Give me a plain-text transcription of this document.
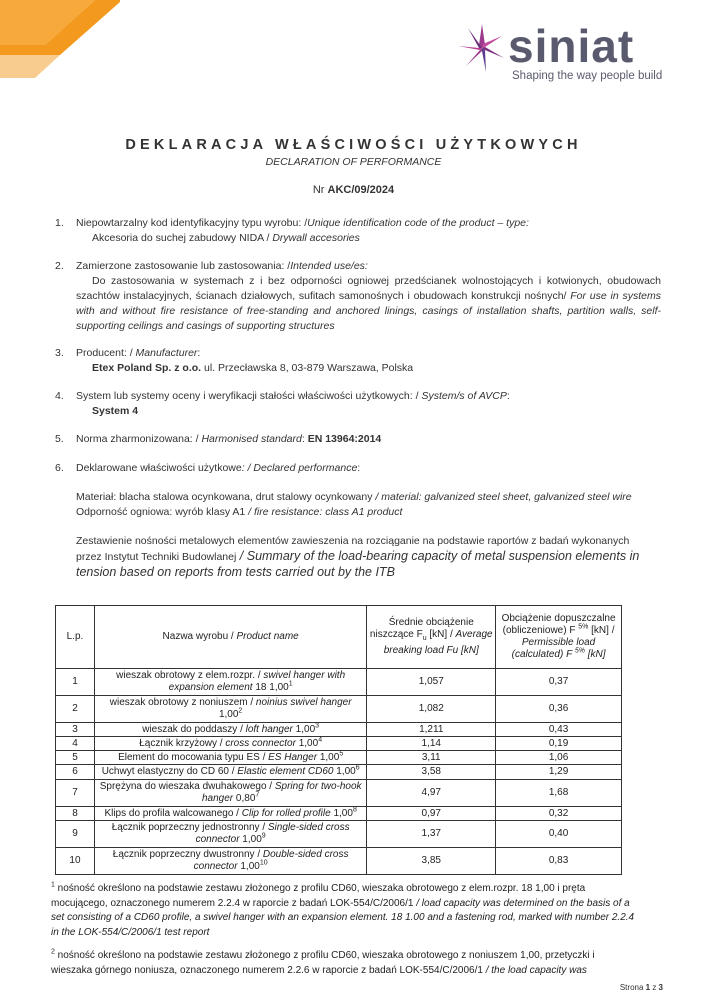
siniat
Shaping the way people build
DEKLARACJA WŁAŚCIWOŚCI UŻYTKOWYCH
DECLARATION OF PERFORMANCE
Nr AKC/09/2024
1.	Niepowtarzalny kod identyfikacyjny typu wyrobu: /Unique identification code of the product – type:
Akcesoria do suchej zabudowy NIDA / Drywall accesories
2.	Zamierzone zastosowanie lub zastosowania: /Intended use/es:
Do zastosowania w systemach z i bez odporności ogniowej przedścianek wolnostojących i kotwionych, obudowach szachtów instalacyjnych, ścianach działowych, sufitach samonośnych i obudowach konstrukcji nośnych/ For use in systems with and without fire resistance of free-standing and anchored linings, casings of installation shafts, partition walls, self-supporting ceilings and casings of supporting structures
3.	Producent: / Manufacturer:
Etex Poland Sp. z o.o. ul. Przecławska 8, 03-879 Warszawa, Polska
4.	System lub systemy oceny i weryfikacji stałości właściwości użytkowych: / System/s of AVCP:
System 4
5.	Norma zharmonizowana: / Harmonised standard: EN 13964:2014
6.	Deklarowane właściwości użytkowe: / Declared performance:
Materiał: blacha stalowa ocynkowana, drut stalowy ocynkowany / material: galvanized steel sheet, galvanized steel wire
Odporność ogniowa: wyrób klasy A1 / fire resistance: class A1 product
Zestawienie nośności metalowych elementów zawieszenia na rozciąganie na podstawie raportów z badań wykonanych przez Instytut Techniki Budowlanej / Summary of the load-bearing capacity of metal suspension elements in tension based on reports from tests carried out by the ITB
L.p.	Nazwa wyrobu / Product name	Średnie obciążenie niszczące $F_u$ [kN] / Average breaking load Fu [kN]	Obciążenie dopuszczalne (obliczeniowe) F $^{5\%}$ [kN] / Permissible load (calculated) F $^{5\%}$ [kN]
1	wieszak obrotowy z elem.rozpr. / swivel hanger with expansion element 18 1,00$^1$	1,057	0,37
2	wieszak obrotowy z noniuszem / noinius swivel hanger 1,00$^2$	1,082	0,36
3	wieszak do poddaszy / loft hanger 1,00$^3$	1,211	0,43
4	Łącznik krzyżowy / cross connector 1,00$^4$	1,14	0,19
5	Element do mocowania typu ES / ES Hanger 1,00$^5$	3,11	1,06
6	Uchwyt elastyczny do CD 60 / Elastic element CD60 1,00$^6$	3,58	1,29
7	Sprężyna do wieszaka dwuhakowego / Spring for two-hook hanger 0,80$^7$	4,97	1,68
8	Klips do profila walcowanego / Clip for rolled profile 1,00$^8$	0,97	0,32
9	Łącznik poprzeczny jednostronny / Single-sided cross connector 1,00$^9$	1,37	0,40
10	Łącznik poprzeczny dwustronny / Double-sided cross connector 1,00$^{10}$	3,85	0,83
$^1$ nośność określono na podstawie zestawu złożonego z profilu CD60, wieszaka obrotowego z elem.rozpr. 18 1,00 i pręta mocującego, oznaczonego numerem 2.2.4 w raporcie z badań LOK-554/C/2006/1 / load capacity was determined on the basis of a set consisting of a CD60 profile, a swivel hanger with an expansion element. 18 1.00 and a fastening rod, marked with number 2.2.4 in the LOK-554/C/2006/1 test report
$^2$ nośność określono na podstawie zestawu złożonego z profilu CD60, wieszaka obrotowego z noniuszem 1,00, przetyczki i wieszaka górnego noniusza, oznaczonego numerem 2.2.6 w raporcie z badań LOK-554/C/2006/1 / the load capacity was
Strona 1 z 3
